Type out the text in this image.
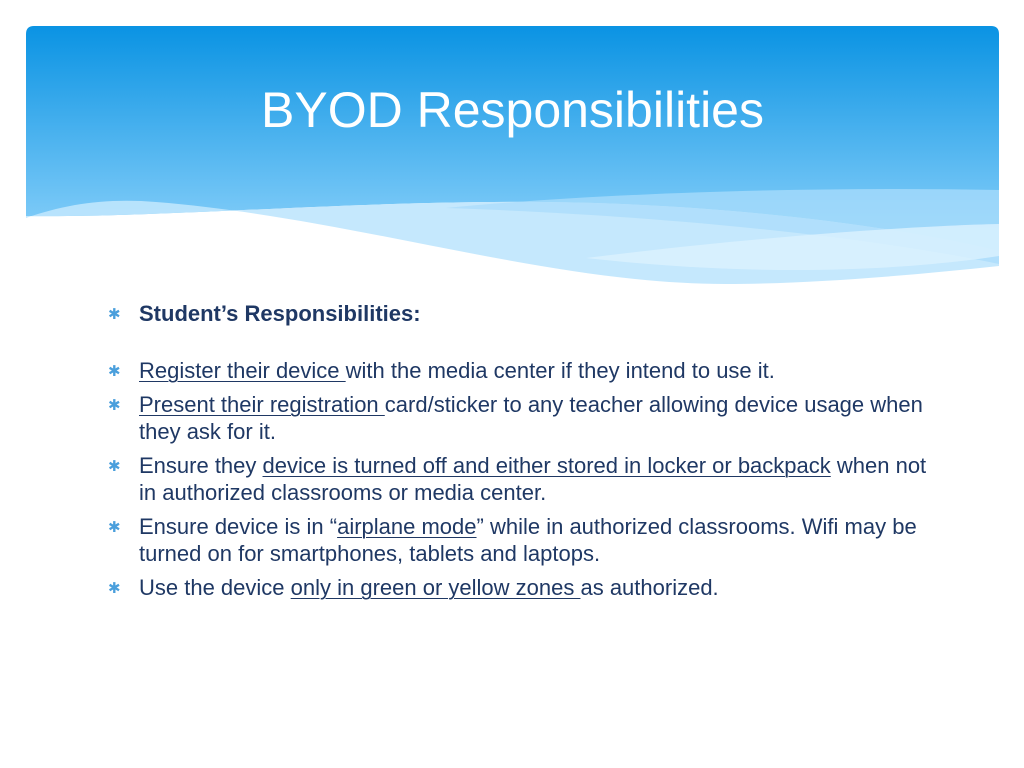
BYOD Responsibilities
✱ Student’s Responsibilities:
✱ Register their device with the media center if they intend to use it.
✱ Present their registration card/sticker to any teacher allowing device usage when they ask for it.
✱ Ensure they device is turned off and either stored in locker or backpack when not in authorized classrooms or media center.
✱ Ensure device is in “airplane mode” while in authorized classrooms. Wifi may be turned on for smartphones, tablets and laptops.
✱ Use the device only in green or yellow zones as authorized.
